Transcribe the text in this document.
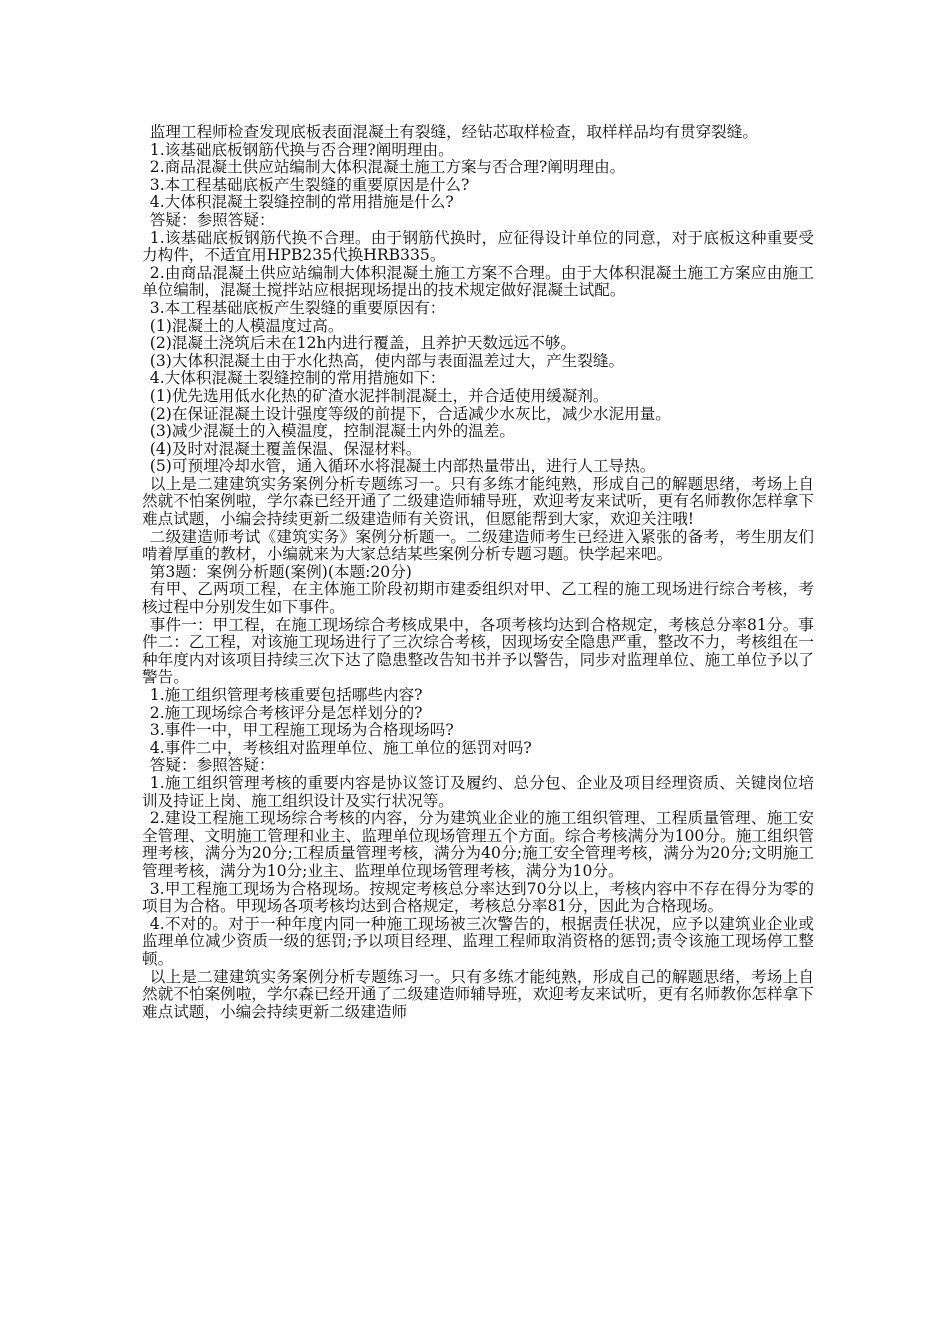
监理工程师检查发现底板表面混凝土有裂缝，经钻芯取样检查，取样样品均有贯穿裂缝。

1.该基础底板钢筋代换与否合理?阐明理由。

2.商品混凝土供应站编制大体积混凝土施工方案与否合理?阐明理由。

3.本工程基础底板产生裂缝的重要原因是什么?

4.大体积混凝土裂缝控制的常用措施是什么?

答疑：参照答疑：

1.该基础底板钢筋代换不合理。由于钢筋代换时，应征得设计单位的同意，对于底板这种重要受力构件，不适宜用HPB235代换HRB335。

2.由商品混凝土供应站编制大体积混凝土施工方案不合理。由于大体积混凝土施工方案应由施工单位编制，混凝土搅拌站应根据现场提出的技术规定做好混凝土试配。

3.本工程基础底板产生裂缝的重要原因有：

(1)混凝土的人模温度过高。

(2)混凝土浇筑后未在12h内进行覆盖，且养护天数远远不够。

(3)大体积混凝土由于水化热高，使内部与表面温差过大，产生裂缝。

4.大体积混凝土裂缝控制的常用措施如下：

(1)优先选用低水化热的矿渣水泥拌制混凝土，并合适使用缓凝剂。

(2)在保证混凝土设计强度等级的前提下，合适减少水灰比，减少水泥用量。

(3)减少混凝土的入模温度，控制混凝土内外的温差。

(4)及时对混凝土覆盖保温、保湿材料。

(5)可预埋冷却水管，通入循环水将混凝土内部热量带出，进行人工导热。

以上是二建建筑实务案例分析专题练习一。只有多练才能纯熟，形成自己的解题思绪，考场上自然就不怕案例啦，学尔森已经开通了二级建造师辅导班，欢迎考友来试听，更有名师教你怎样拿下难点试题，小编会持续更新二级建造师有关资讯，但愿能帮到大家，欢迎关注哦!

二级建造师考试《建筑实务》案例分析题一。二级建造师考生已经进入紧张的备考，考生朋友们啃着厚重的教材，小编就来为大家总结某些案例分析专题习题。快学起来吧。

第3题：案例分析题(案例)(本题:20分)

有甲、乙两项工程，在主体施工阶段初期市建委组织对甲、乙工程的施工现场进行综合考核，考核过程中分别发生如下事件。

事件一：甲工程，在施工现场综合考核成果中，各项考核均达到合格规定，考核总分率81分。事件二：乙工程，对该施工现场进行了三次综合考核，因现场安全隐患严重，整改不力，考核组在一种年度内对该项目持续三次下达了隐患整改告知书并予以警告，同步对监理单位、施工单位予以了警告。

1.施工组织管理考核重要包括哪些内容?

2.施工现场综合考核评分是怎样划分的?

3.事件一中，甲工程施工现场为合格现场吗?

4.事件二中，考核组对监理单位、施工单位的惩罚对吗?

答疑：参照答疑：

1.施工组织管理考核的重要内容是协议签订及履约、总分包、企业及项目经理资质、关键岗位培训及持证上岗、施工组织设计及实行状况等。

2.建设工程施工现场综合考核的内容，分为建筑业企业的施工组织管理、工程质量管理、施工安全管理、文明施工管理和业主、监理单位现场管理五个方面。综合考核满分为100分。施工组织管理考核，满分为20分;工程质量管理考核，满分为40分;施工安全管理考核，满分为20分;文明施工管理考核，满分为10分;业主、监理单位现场管理考核，满分为10分。

3.甲工程施工现场为合格现场。按规定考核总分率达到70分以上，考核内容中不存在得分为零的项目为合格。甲现场各项考核均达到合格规定，考核总分率81分，因此为合格现场。

4.不对的。对于一种年度内同一种施工现场被三次警告的，根据责任状况，应予以建筑业企业或监理单位减少资质一级的惩罚;予以项目经理、监理工程师取消资格的惩罚;责令该施工现场停工整顿。

以上是二建建筑实务案例分析专题练习一。只有多练才能纯熟，形成自己的解题思绪，考场上自然就不怕案例啦，学尔森已经开通了二级建造师辅导班，欢迎考友来试听，更有名师教你怎样拿下难点试题，小编会持续更新二级建造师
